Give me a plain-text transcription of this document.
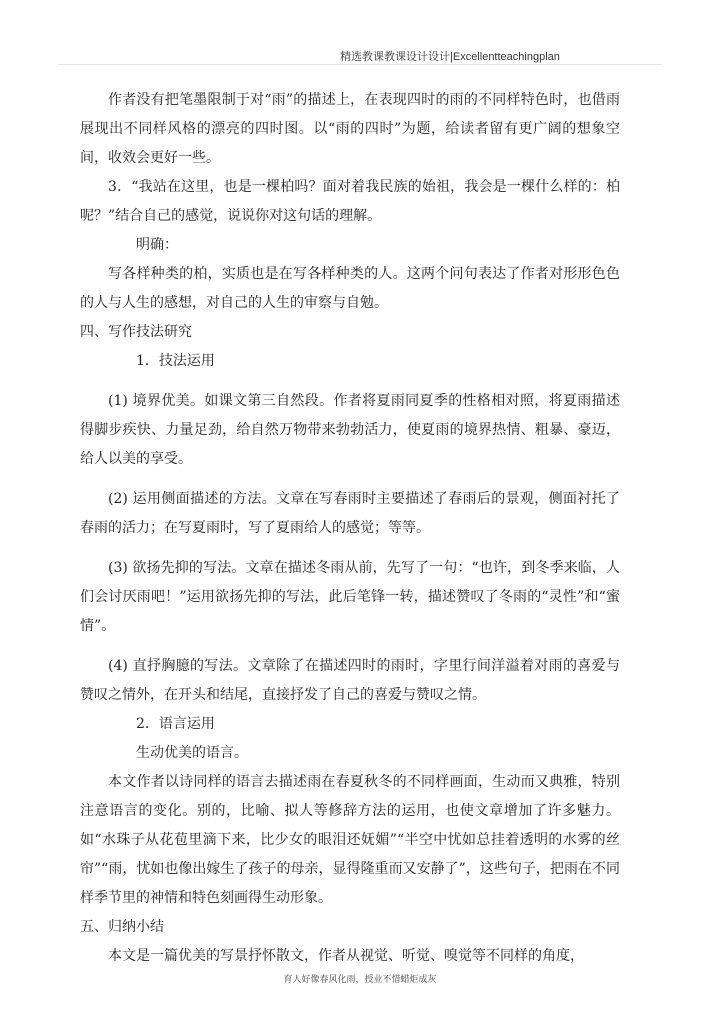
精选教课教课设计设计|Excellentteachingplan

作者没有把笔墨限制于对“雨”的描述上，在表现四时的雨的不同样特色时，也借雨展现出不同样风格的漂亮的四时图。以“雨的四时”为题，给读者留有更广阔的想象空间，收效会更好一些。

3．“我站在这里，也是一棵柏吗？面对着我民族的始祖，我会是一棵什么样的：柏呢？”结合自己的感觉，说说你对这句话的理解。

明确：

写各样种类的柏，实质也是在写各样种类的人。这两个问句表达了作者对形形色色的人与人生的感想，对自己的人生的审察与自勉。

四、写作技法研究

1．技法运用

(1) 境界优美。如课文第三自然段。作者将夏雨同夏季的性格相对照，将夏雨描述得脚步疾快、力量足劲，给自然万物带来勃勃活力，使夏雨的境界热情、粗暴、豪迈，给人以美的享受。

(2) 运用侧面描述的方法。文章在写春雨时主要描述了春雨后的景观，侧面衬托了春雨的活力；在写夏雨时，写了夏雨给人的感觉；等等。

(3) 欲扬先抑的写法。文章在描述冬雨从前，先写了一句：“也许，到冬季来临，人们会讨厌雨吧！”运用欲扬先抑的写法，此后笔锋一转，描述赞叹了冬雨的“灵性”和“蜜情”。

(4) 直抒胸臆的写法。文章除了在描述四时的雨时，字里行间洋溢着对雨的喜爱与赞叹之情外，在开头和结尾，直接抒发了自己的喜爱与赞叹之情。

2．语言运用

生动优美的语言。

本文作者以诗同样的语言去描述雨在春夏秋冬的不同样画面，生动而又典雅，特别注意语言的变化。别的，比喻、拟人等修辞方法的运用，也使文章增加了许多魅力。如“水珠子从花苞里滴下来，比少女的眼泪还妩媚”“半空中忧如总挂着透明的水雾的丝帘”“雨，忧如也像出嫁生了孩子的母亲，显得隆重而又安静了”，这些句子，把雨在不同样季节里的神情和特色刻画得生动形象。

五、归纳小结

本文是一篇优美的写景抒怀散文，作者从视觉、听觉、嗅觉等不同样的角度，

育人好像春风化雨，授业不惜蜡炬成灰
